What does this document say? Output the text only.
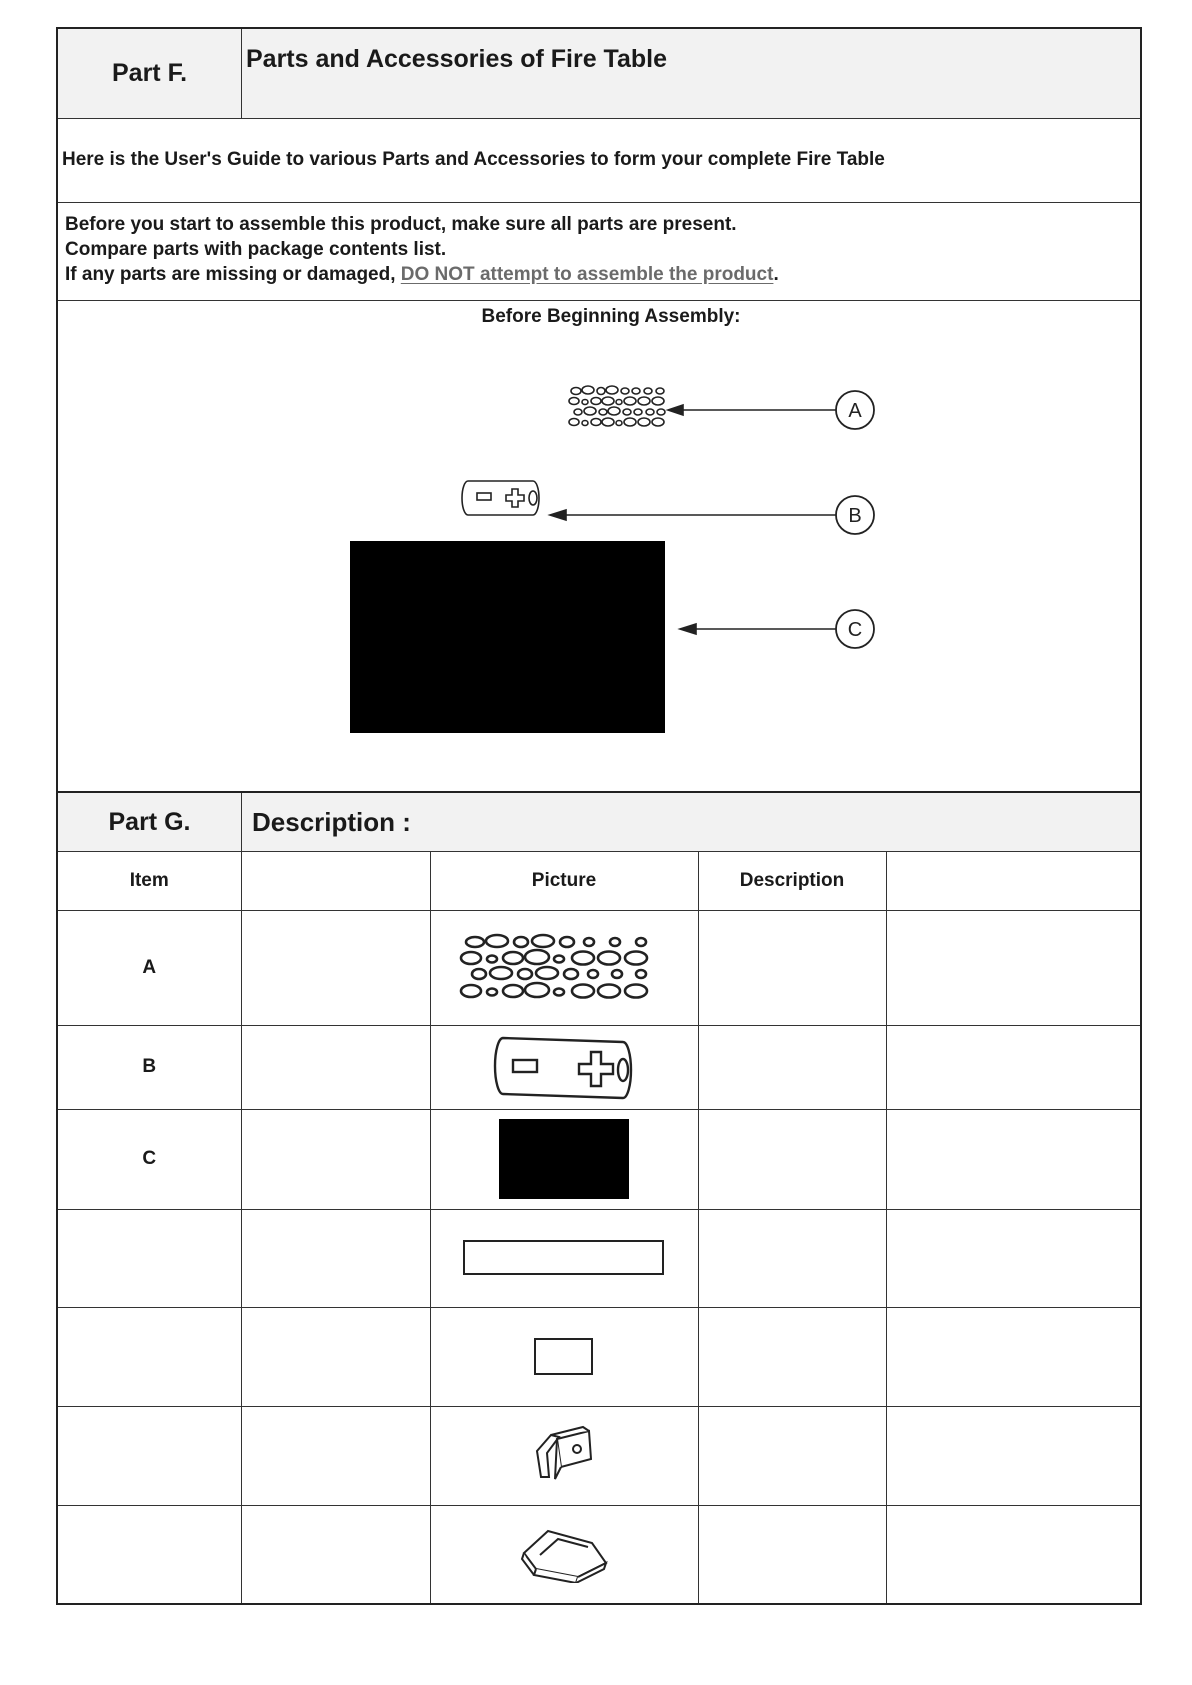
Part F.	Parts and Accessories of Fire Table
Here is the User's Guide to various Parts and Accessories to form your complete Fire Table
Before you start to assemble this product, make sure all parts are present.
Compare parts with package contents list.
If any parts are missing or damaged, DO NOT attempt to assemble the product.
Before Beginning Assembly:
A
B
C
Part G.	Description :
Item		Picture	Description	
A		

B		

C		
